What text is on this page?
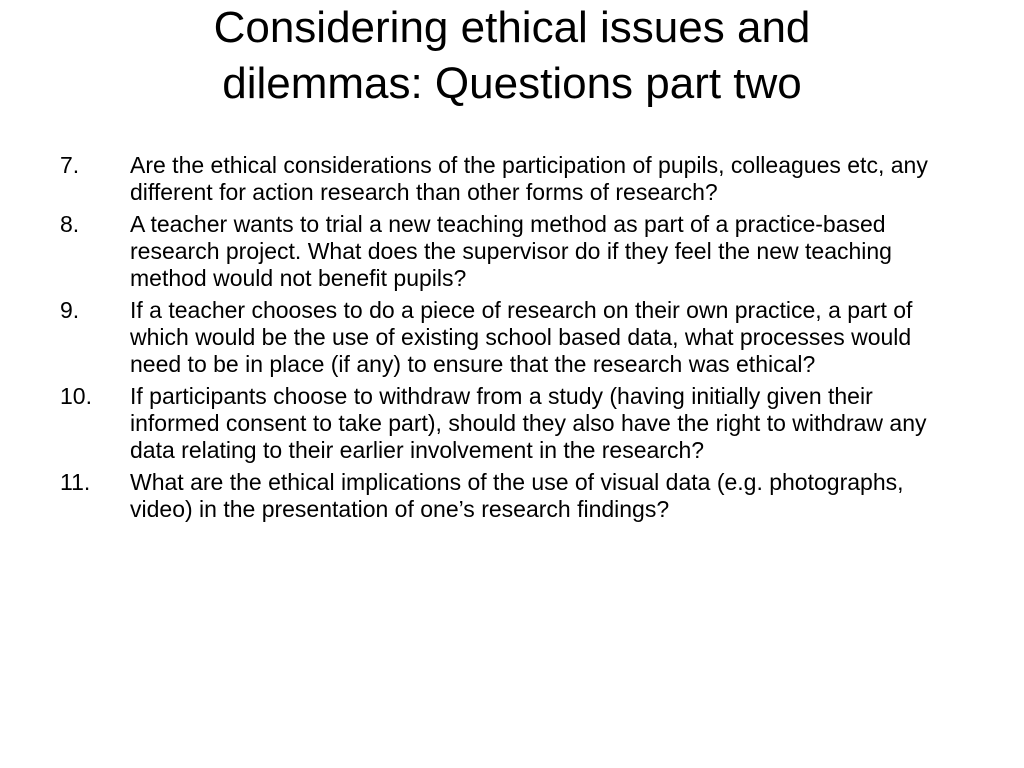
Considering ethical issues and
dilemmas: Questions part two
7.	Are the ethical considerations of the participation of pupils, colleagues etc, any different for action research than other forms of research?
8.	A teacher wants to trial a new teaching method as part of a practice-based research project. What does the supervisor do if they feel the new teaching method would not benefit pupils?
9.	If a teacher chooses to do a piece of research on their own practice, a part of which would be the use of existing school based data, what processes would need to be in place (if any) to ensure that the research was ethical?
10.	If participants choose to withdraw from a study (having initially given their informed consent to take part), should they also have the right to withdraw any data relating to their earlier involvement in the research?
11.	What are the ethical implications of the use of visual data (e.g. photographs, video) in the presentation of one’s research findings?
